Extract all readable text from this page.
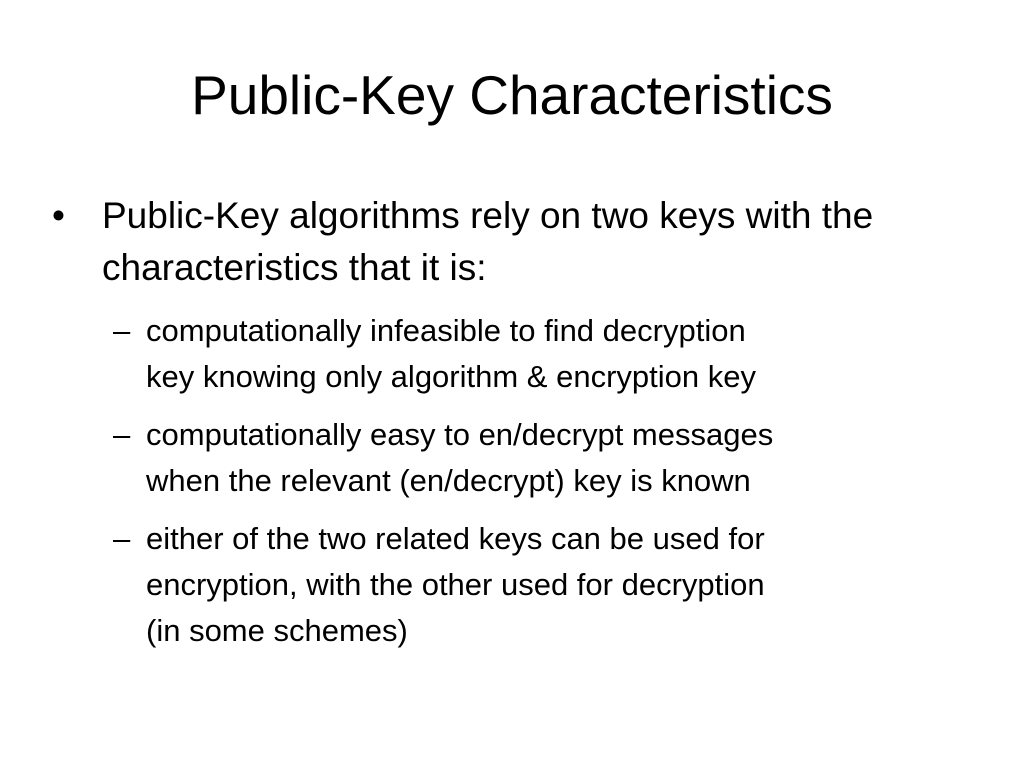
Public-Key Characteristics
•	Public-Key algorithms rely on two keys with the characteristics that it is:
– computationally infeasible to find decryption
key knowing only algorithm & encryption key
– computationally easy to en/decrypt messages
when the relevant (en/decrypt) key is known
– either of the two related keys can be used for
encryption, with the other used for decryption
(in some schemes)
